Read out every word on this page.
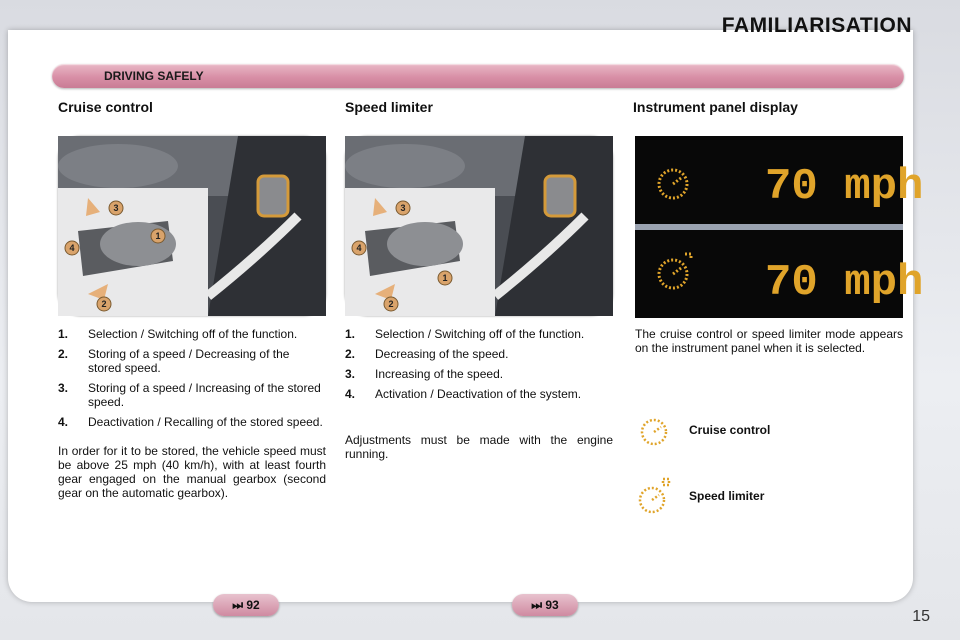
FAMILIARISATION
DRIVING SAFELY
Cruise control	Speed limiter	Instrument panel display
3
1
4
2
3
1
4
2
70 mph
70 mph
1. Selection / Switching off of the function.
2. Storing of a speed / Decreasing of the stored speed.
3. Storing of a speed / Increasing of the stored speed.
4. Deactivation / Recalling of the stored speed.
In order for it to be stored, the vehicle speed must be above 25 mph (40 km/h), with at least fourth gear engaged on the manual gearbox (second gear on the automatic gearbox).
1. Selection / Switching off of the function.
2. Decreasing of the speed.
3. Increasing of the speed.
4. Activation / Deactivation of the system.
Adjustments must be made with the engine running.
The cruise control or speed limiter mode appears on the instrument panel when it is selected.
Cruise control
Speed limiter
⏭ 92	⏭ 93
15
